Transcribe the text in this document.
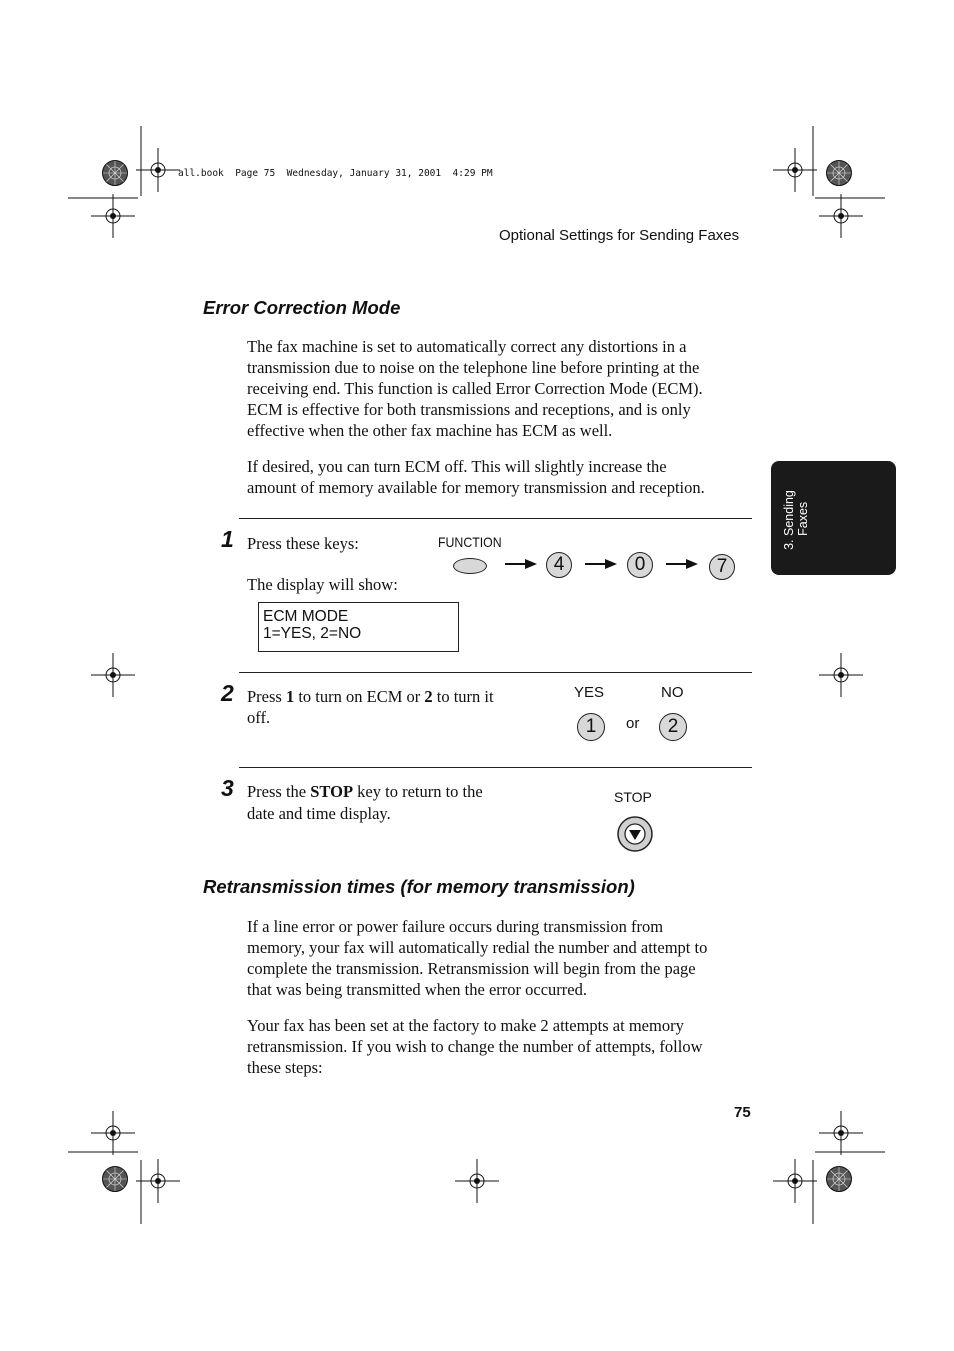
all.book  Page 75  Wednesday, January 31, 2001  4:29 PM
Optional Settings for Sending Faxes
3. Sending Faxes
Error Correction Mode

The fax machine is set to automatically correct any distortions in a

transmission due to noise on the telephone line before printing at the

receiving end. This function is called Error Correction Mode (ECM).

ECM is effective for both transmissions and receptions, and is only

effective when the other fax machine has ECM as well.

If desired, you can turn ECM off. This will slightly increase the

amount of memory available for memory transmission and reception.

1 Press these keys:
The display will show:
FUNCTION
4	0	7
ECM MODE
1=YES, 2=NO
2 Press 1 to turn on ECM or 2 to turn it
off.
YES	NO
1	or	2
3 Press the STOP key to return to the
date and time display.
STOP
Retransmission times (for memory transmission)

If a line error or power failure occurs during transmission from

memory, your fax will automatically redial the number and attempt to

complete the transmission. Retransmission will begin from the page

that was being transmitted when the error occurred.

Your fax has been set at the factory to make 2 attempts at memory

retransmission. If you wish to change the number of attempts, follow

these steps:

75
